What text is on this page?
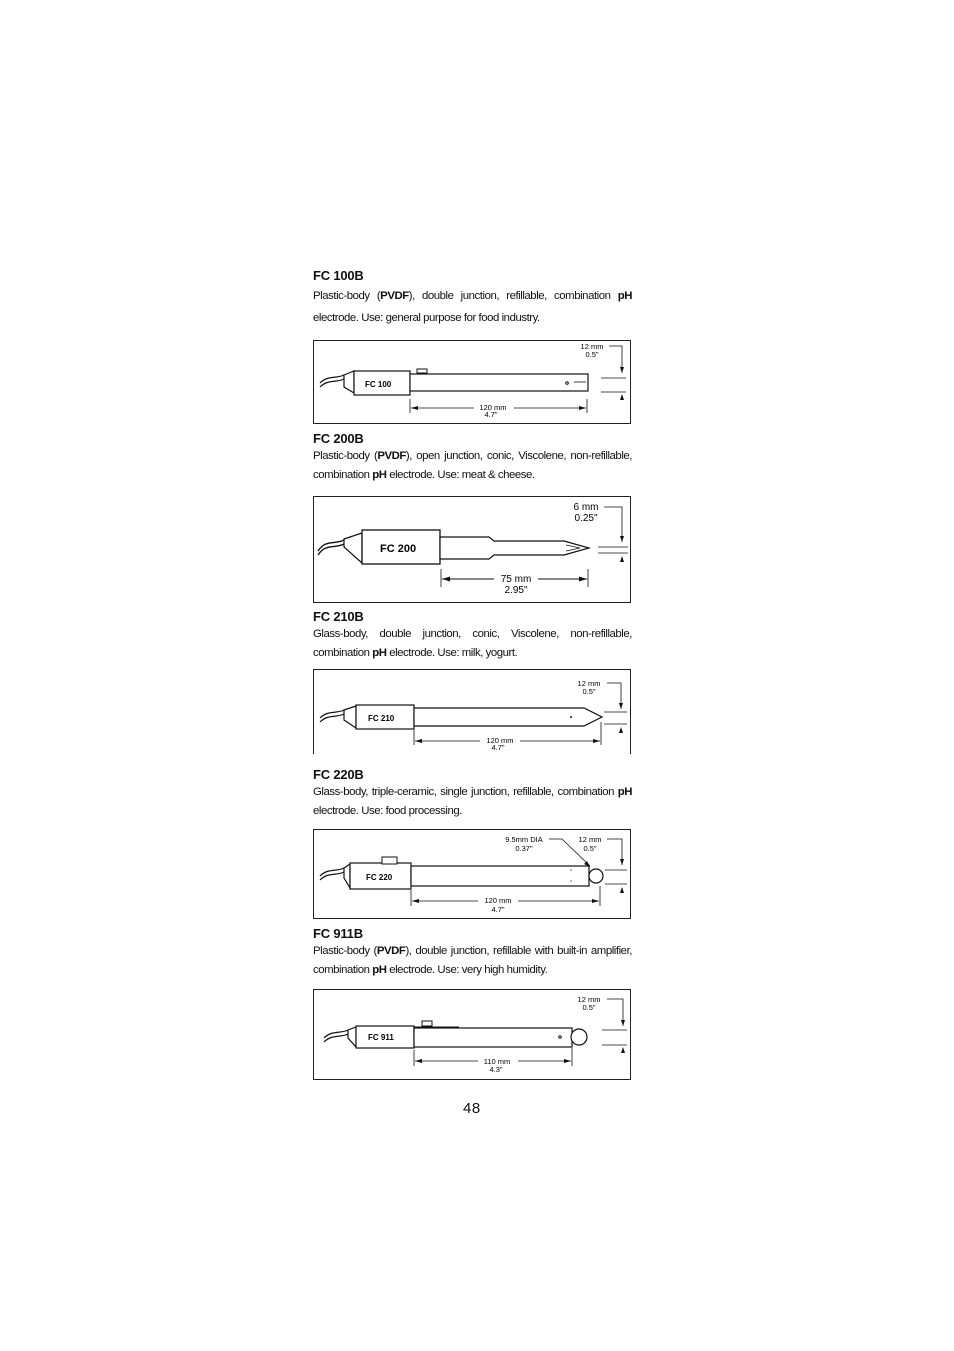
FC 100B

Plastic-body (PVDF), double junction, refillable, combination pH electrode. Use: general purpose for food industry.

FC 100
120 mm
4.7"
12 mm
0.5"

FC 200B

Plastic-body (PVDF), open junction, conic, Viscolene, non-refillable, combination pH electrode. Use: meat & cheese.

FC 200
75 mm
2.95"
6 mm
0.25"

FC 210B

Glass-body, double junction, conic, Viscolene, non-refillable, combination pH electrode. Use: milk, yogurt.

FC 210
120 mm
4.7"
12 mm
0.5"

FC 220B

Glass-body, triple-ceramic, single junction, refillable, combination pH electrode. Use: food processing.

°
°
FC 220
120 mm
4.7"
9.5mm DIA
0.37"
12 mm
0.5"

FC 911B

Plastic-body (PVDF), double junction, refillable with built-in amplifier, combination pH electrode. Use: very high humidity.

FC 911
110 mm
4.3"
12 mm
0.5"
48
